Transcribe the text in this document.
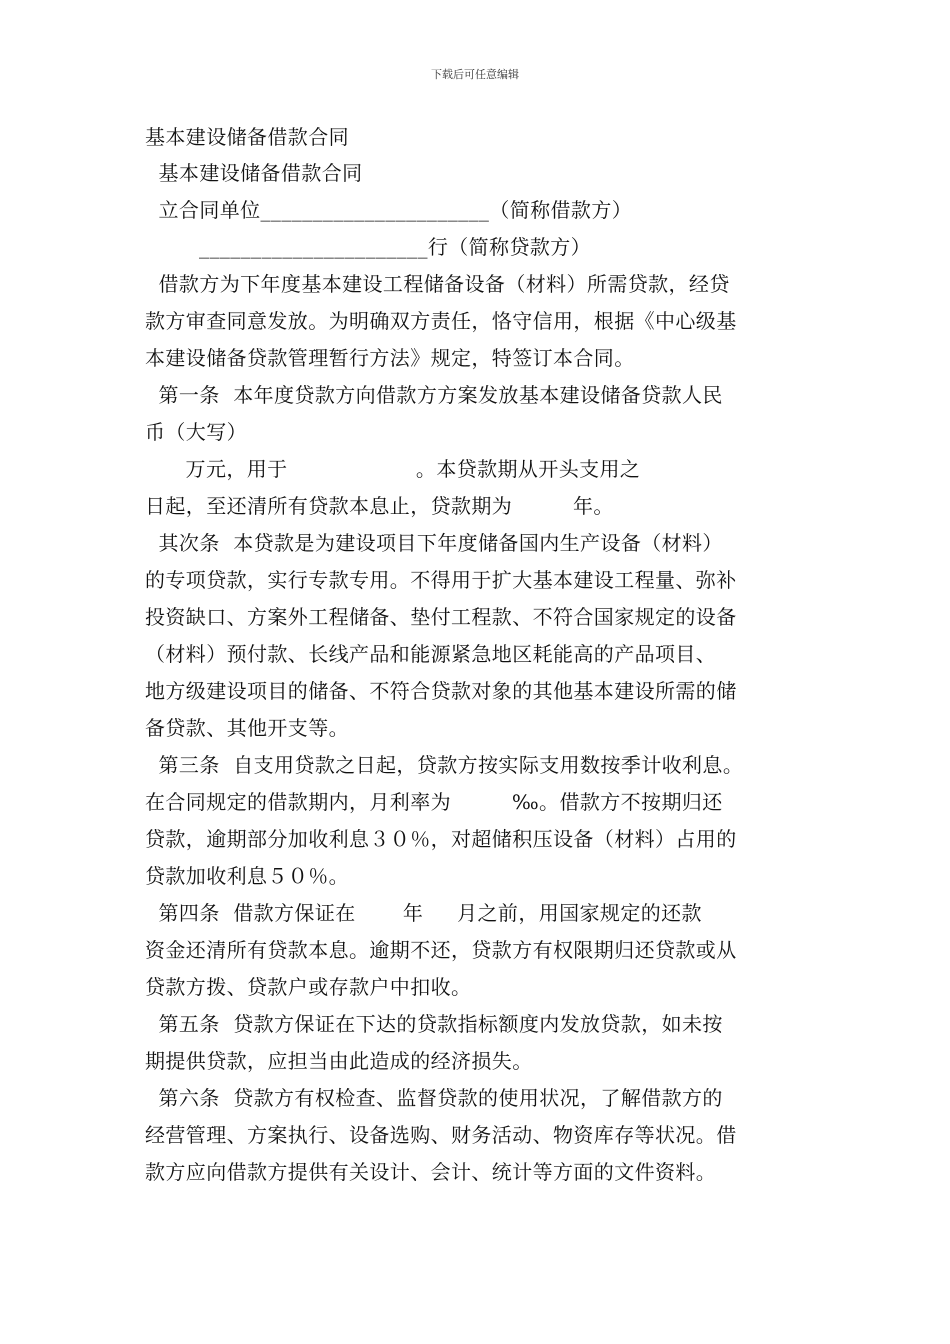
下载后可任意编辑
基本建设储备借款合同
基本建设储备借款合同
立合同单位______________________（简称借款方）
______________________行（简称贷款方）
借款方为下年度基本建设工程储备设备（材料）所需贷款，经贷
款方审查同意发放。为明确双方责任，恪守信用，根据《中心级基
本建设储备贷款管理暂行方法》规定，特签订本合同。
第一条  本年度贷款方向借款方方案发放基本建设储备贷款人民
币（大写）
万元，用于                   。本贷款期从开头支用之
日起，至还清所有贷款本息止，贷款期为         年。
其次条  本贷款是为建设项目下年度储备国内生产设备（材料）
的专项贷款，实行专款专用。不得用于扩大基本建设工程量、弥补
投资缺口、方案外工程储备、垫付工程款、不符合国家规定的设备
（材料）预付款、长线产品和能源紧急地区耗能高的产品项目、
地方级建设项目的储备、不符合贷款对象的其他基本建设所需的储
备贷款、其他开支等。
第三条  自支用贷款之日起，贷款方按实际支用数按季计收利息。
在合同规定的借款期内，月利率为         ‰。借款方不按期归还
贷款，逾期部分加收利息３０％，对超储积压设备（材料）占用的
贷款加收利息５０％。
第四条  借款方保证在       年     月之前，用国家规定的还款
资金还清所有贷款本息。逾期不还，贷款方有权限期归还贷款或从
贷款方拨、贷款户或存款户中扣收。
第五条  贷款方保证在下达的贷款指标额度内发放贷款，如未按
期提供贷款，应担当由此造成的经济损失。
第六条  贷款方有权检查、监督贷款的使用状况，了解借款方的
经营管理、方案执行、设备选购、财务活动、物资库存等状况。借
款方应向借款方提供有关设计、会计、统计等方面的文件资料。
